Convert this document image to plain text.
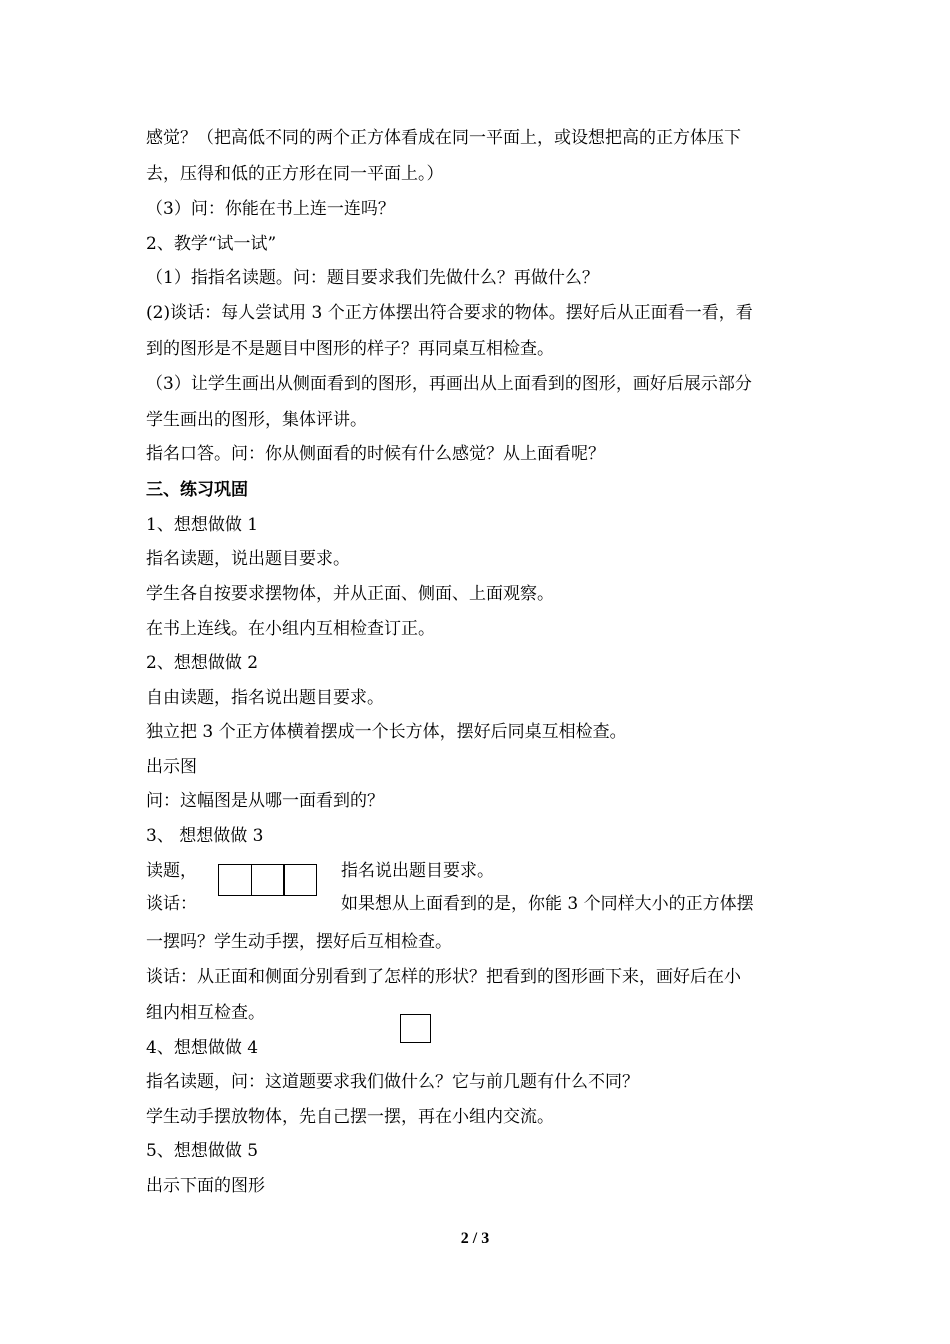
感觉？（把高低不同的两个正方体看成在同一平面上，或设想把高的正方体压下
去，压得和低的正方形在同一平面上。）
（3）问：你能在书上连一连吗？
2、教学“试一试”
（1）指指名读题。问：题目要求我们先做什么？再做什么？
(2)谈话：每人尝试用 3 个正方体摆出符合要求的物体。摆好后从正面看一看，看
到的图形是不是题目中图形的样子？再同桌互相检查。
（3）让学生画出从侧面看到的图形，再画出从上面看到的图形，画好后展示部分
学生画出的图形，集体评讲。
指名口答。问：你从侧面看的时候有什么感觉？从上面看呢？
三、练习巩固
1、想想做做 1
指名读题，说出题目要求。
学生各自按要求摆物体，并从正面、侧面、上面观察。
在书上连线。在小组内互相检查订正。
2、想想做做 2
自由读题，指名说出题目要求。
独立把 3 个正方体横着摆成一个长方体，摆好后同桌互相检查。
出示图
问：这幅图是从哪一面看到的？
3、 想想做做 3
读题，	指名说出题目要求。
谈话：	如果想从上面看到的是，你能 3 个同样大小的正方体摆
一摆吗？学生动手摆，摆好后互相检查。
谈话：从正面和侧面分别看到了怎样的形状？把看到的图形画下来，画好后在小
组内相互检查。
4、想想做做 4
指名读题，问：这道题要求我们做什么？它与前几题有什么不同？
学生动手摆放物体，先自己摆一摆，再在小组内交流。
5、想想做做 5
出示下面的图形
2 / 3
